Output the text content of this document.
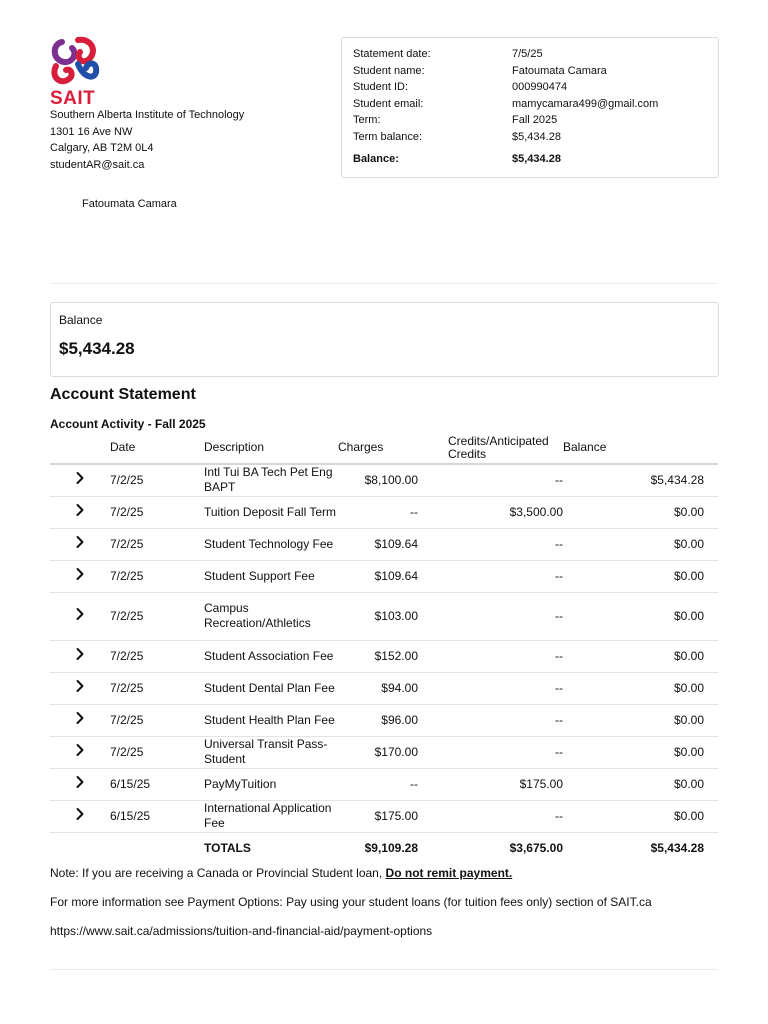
SAIT
Southern Alberta Institute of Technology
1301 16 Ave NW
Calgary, AB T2M 0L4
studentAR@sait.ca
Statement date:	7/5/25
Student name:	Fatoumata Camara
Student ID:	000990474
Student email:	mamycamara499@gmail.com
Term:	Fall 2025
Term balance:	$5,434.28
Balance:	$5,434.28
Fatoumata Camara
Balance
$5,434.28
Account Statement
Account Activity - Fall 2025
	Date	Description	Charges	Credits/Anticipated Credits	Balance
	7/2/25	Intl Tui BA Tech Pet Eng BAPT	$8,100.00	--	$5,434.28
	7/2/25	Tuition Deposit Fall Term	--	$3,500.00	$0.00
	7/2/25	Student Technology Fee	$109.64	--	$0.00
	7/2/25	Student Support Fee	$109.64	--	$0.00
	7/2/25	Campus Recreation/Athletics	$103.00	--	$0.00
	7/2/25	Student Association Fee	$152.00	--	$0.00
	7/2/25	Student Dental Plan Fee	$94.00	--	$0.00
	7/2/25	Student Health Plan Fee	$96.00	--	$0.00
	7/2/25	Universal Transit Pass-Student	$170.00	--	$0.00
	6/15/25	PayMyTuition	--	$175.00	$0.00
	6/15/25	International Application Fee	$175.00	--	$0.00
		TOTALS	$9,109.28	$3,675.00	$5,434.28
Note: If you are receiving a Canada or Provincial Student loan, Do not remit payment.
For more information see Payment Options: Pay using your student loans (for tuition fees only) section of SAIT.ca
https://www.sait.ca/admissions/tuition-and-financial-aid/payment-options
